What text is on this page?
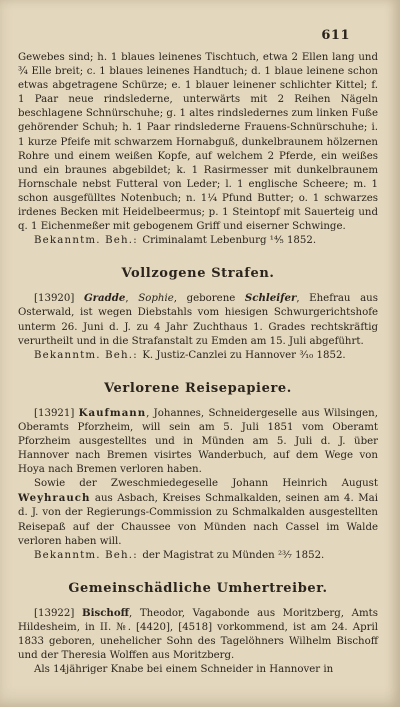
611

Gewebes sind; h. 1 blaues leinenes Tischtuch, etwa 2 Ellen lang und ¾ Elle breit; c. 1 blaues leinenes Handtuch; d. 1 blaue leinene schon etwas abgetragene Schürze; e. 1 blauer leinener schlichter Kittel; f. 1 Paar neue rindslederne, unterwärts mit 2 Reihen Nägeln beschlagene Schnürschuhe; g. 1 altes rindsledernes zum linken Fuße gehörender Schuh; h. 1 Paar rindslederne Frauens-Schnürschuhe; i. 1 kurze Pfeife mit schwarzem Hornabguß, dunkelbraunem hölzernen Rohre und einem weißen Kopfe, auf welchem 2 Pferde, ein weißes und ein braunes abgebildet; k. 1 Rasirmesser mit dunkelbraunem Hornschale nebst Futteral von Leder; l. 1 englische Scheere; m. 1 schon ausgefülltes Notenbuch; n. 1¼ Pfund Butter; o. 1 schwarzes irdenes Becken mit Heidelbeermus; p. 1 Steintopf mit Sauerteig und q. 1 Eichenmeßer mit gebogenem Griff und eiserner Schwinge.

Bekanntm. Beh.: Criminalamt Lebenburg ¹⁴⁄₅ 1852.

Vollzogene Strafen.

[13920] Gradde, Sophie, geborene Schleifer, Ehefrau aus Osterwald, ist wegen Diebstahls vom hiesigen Schwurgerichtshofe unterm 26. Juni d. J. zu 4 Jahr Zuchthaus 1. Grades rechtskräftig verurtheilt und in die Strafanstalt zu Emden am 15. Juli abgeführt.

Bekanntm. Beh.: K. Justiz-Canzlei zu Hannover ³⁄₁₀ 1852.

Verlorene Reisepapiere.

[13921] Kaufmann, Johannes, Schneidergeselle aus Wilsingen, Oberamts Pforzheim, will sein am 5. Juli 1851 vom Oberamt Pforzheim ausgestelltes und in Münden am 5. Juli d. J. über Hannover nach Bremen visirtes Wanderbuch, auf dem Wege von Hoya nach Bremen verloren haben.

Sowie der Zweschmiedegeselle Johann Heinrich August Weyhrauch aus Asbach, Kreises Schmalkalden, seinen am 4. Mai d. J. von der Regierungs-Commission zu Schmalkalden ausgestellten Reisepaß auf der Chaussee von Münden nach Cassel im Walde verloren haben will.

Bekanntm. Beh.: der Magistrat zu Münden ²³⁄₇ 1852.

Gemeinschädliche Umhertreiber.

[13922] Bischoff, Theodor, Vagabonde aus Moritzberg, Amts Hildesheim, in II. №. [4420], [4518] vorkommend, ist am 24. April 1833 geboren, unehelicher Sohn des Tagelöhners Wilhelm Bischoff und der Theresia Wolffen aus Moritzberg.

Als 14jähriger Knabe bei einem Schneider in Hannover in
